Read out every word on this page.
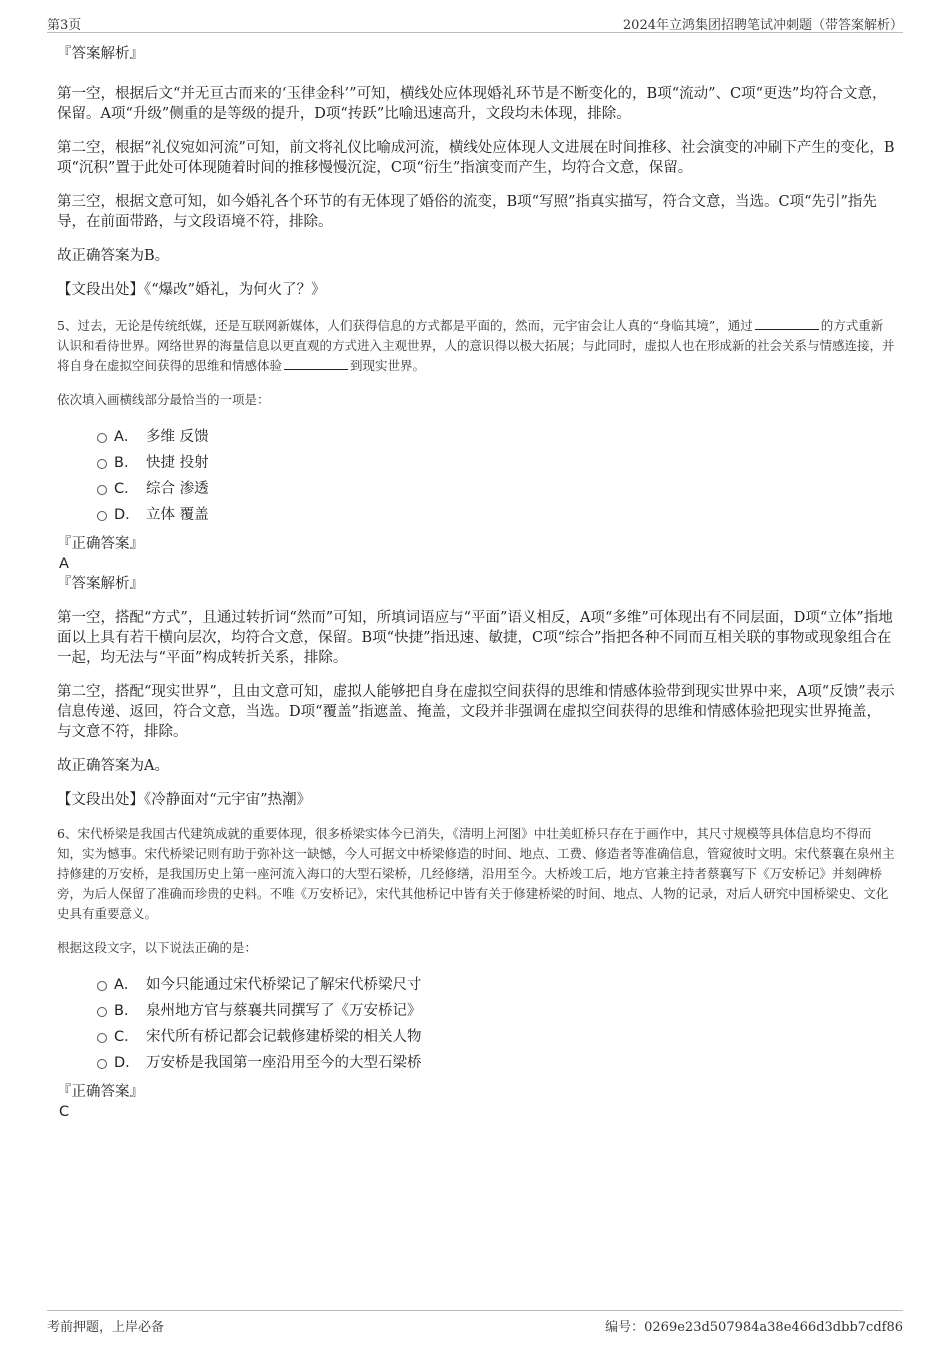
第3页	2024年立鸿集团招聘笔试冲刺题（带答案解析）

『答案解析』

第一空，根据后文“并无亘古而来的‘玉律金科’”可知，横线处应体现婚礼环节是不断变化的，B项“流动”、C项“更迭”均符合文意，保留。A项“升级”侧重的是等级的提升，D项“抟跃”比喻迅速高升，文段均未体现，排除。

第二空，根据“礼仪宛如河流”可知，前文将礼仪比喻成河流，横线处应体现人文进展在时间推移、社会演变的冲刷下产生的变化，B项“沉积”置于此处可体现随着时间的推移慢慢沉淀，C项“衍生”指演变而产生，均符合文意，保留。

第三空，根据文意可知，如今婚礼各个环节的有无体现了婚俗的流变，B项“写照”指真实描写，符合文意，当选。C项“先引”指先导，在前面带路，与文段语境不符，排除。

故正确答案为B。

【文段出处】《“爆改”婚礼，为何火了？》

5、过去，无论是传统纸媒，还是互联网新媒体，人们获得信息的方式都是平面的，然而，元宇宙会让人真的“身临其境”，通过	的方式重新认识和看待世界。网络世界的海量信息以更直观的方式进入主观世界，人的意识得以极大拓展；与此同时，虚拟人也在形成新的社会关系与情感连接，并将自身在虚拟空间获得的思维和情感体验	到现实世界。

依次填入画横线部分最恰当的一项是：

A． 多维 反馈
B． 快捷 投射
C． 综合 渗透
D． 立体 覆盖

『正确答案』

A

『答案解析』

第一空，搭配“方式”，且通过转折词“然而”可知，所填词语应与“平面”语义相反，A项“多维”可体现出有不同层面，D项“立体”指地面以上具有若干横向层次，均符合文意，保留。B项“快捷”指迅速、敏捷，C项“综合”指把各种不同而互相关联的事物或现象组合在一起，均无法与“平面”构成转折关系，排除。

第二空，搭配“现实世界”，且由文意可知，虚拟人能够把自身在虚拟空间获得的思维和情感体验带到现实世界中来，A项“反馈”表示信息传递、返回，符合文意，当选。D项“覆盖”指遮盖、掩盖，文段并非强调在虚拟空间获得的思维和情感体验把现实世界掩盖，与文意不符，排除。

故正确答案为A。

【文段出处】《冷静面对“元宇宙”热潮》

6、宋代桥梁是我国古代建筑成就的重要体现，很多桥梁实体今已消失，《清明上河图》中壮美虹桥只存在于画作中，其尺寸规模等具体信息均不得而知，实为憾事。宋代桥梁记则有助于弥补这一缺憾，今人可据文中桥梁修造的时间、地点、工费、修造者等准确信息，管窥彼时文明。宋代蔡襄在泉州主持修建的万安桥，是我国历史上第一座河流入海口的大型石梁桥，几经修缮，沿用至今。大桥竣工后，地方官兼主持者蔡襄写下《万安桥记》并刻碑桥旁，为后人保留了准确而珍贵的史料。不唯《万安桥记》，宋代其他桥记中皆有关于修建桥梁的时间、地点、人物的记录，对后人研究中国桥梁史、文化史具有重要意义。

根据这段文字，以下说法正确的是：

A． 如今只能通过宋代桥梁记了解宋代桥梁尺寸
B． 泉州地方官与蔡襄共同撰写了《万安桥记》
C． 宋代所有桥记都会记载修建桥梁的相关人物
D． 万安桥是我国第一座沿用至今的大型石梁桥

『正确答案』

C

考前押题，上岸必备	编号：0269e23d507984a38e466d3dbb7cdf86
